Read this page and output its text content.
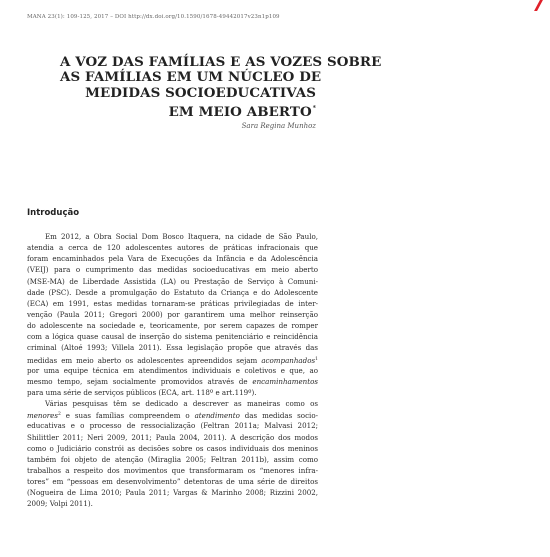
MANA 23(1): 109-125, 2017 – DOI http://dx.doi.org/10.1590/1678-49442017v23n1p109
A VOZ DAS FAMÍLIAS E AS VOZES SOBRE
AS FAMÍLIAS EM UM NÚCLEO DE
MEDIDAS SOCIOEDUCATIVAS
EM MEIO ABERTO*
Sara Regina Munhoz
Introdução
Em 2012, a Obra Social Dom Bosco Itaquera, na cidade de São Paulo,
atendia a cerca de 120 adolescentes autores de práticas infracionais que
foram encaminhados pela Vara de Execuções da Infância e da Adolescência
(VEIJ) para o cumprimento das medidas socioeducativas em meio aberto
(MSE-MA) de Liberdade Assistida (LA) ou Prestação de Serviço à Comuni-
dade (PSC). Desde a promulgação do Estatuto da Criança e do Adolescente
(ECA) em 1991, estas medidas tornaram-se práticas privilegiadas de inter-
venção (Paula 2011; Gregori 2000) por garantirem uma melhor reinserção
do adolescente na sociedade e, teoricamente, por serem capazes de romper
com a lógica quase causal de inserção do sistema penitenciário e reincidência
criminal (Altoé 1993; Villela 2011). Essa legislação propõe que através das
medidas em meio aberto os adolescentes apreendidos sejam acompanhados$^1$
por uma equipe técnica em atendimentos individuais e coletivos e que, ao
mesmo tempo, sejam socialmente promovidos através de encaminhamentos
para uma série de serviços públicos (ECA, art. 118º e art.119º).
Várias pesquisas têm se dedicado a descrever as maneiras como os
menores$^2$ e suas famílias compreendem o atendimento das medidas socio-
educativas e o processo de ressocialização (Feltran 2011a; Malvasi 2012;
Shilittler 2011; Neri 2009, 2011; Paula 2004, 2011). A descrição dos modos
como o Judiciário constrói as decisões sobre os casos individuais dos meninos
também foi objeto de atenção (Miraglia 2005; Feltran 2011b), assim como
trabalhos a respeito dos movimentos que transformaram os “menores infra-
tores” em “pessoas em desenvolvimento” detentoras de uma série de direitos
(Nogueira de Lima 2010; Paula 2011; Vargas & Marinho 2008; Rizzini 2002,
2009; Volpi 2011).
